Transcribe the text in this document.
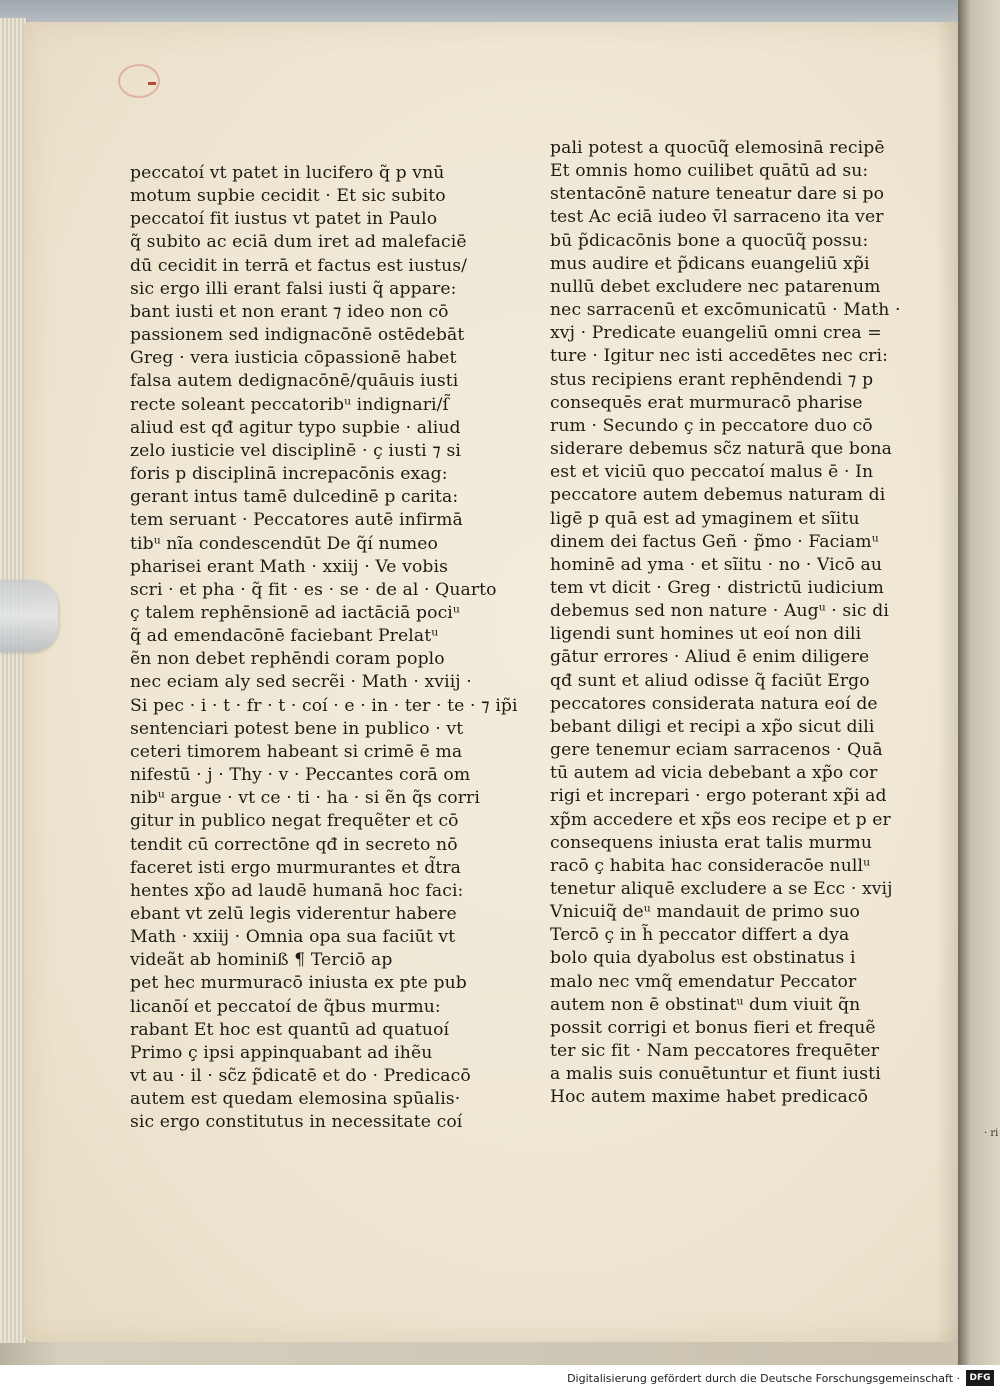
peccatoí vt patet in lucifero q̃ p vnū
motum supbie cecidit · Et sic subito
peccatoí fit iustus vt patet in Paulo
q̃ subito ac eciā dum iret ad malefaciē
dū cecidit in terrā et factus est iustus/
sic ergo illi erant falsi iusti q̃ appare:
bant iusti et non erant ⁊ ideo non cō
passionem sed indignacōnē ostēdebāt
Greg · vera iusticia cōpassionē habet
falsa autem dedignacōnē/quāuis iusti
recte soleant peccatoribᵘ indignari/ſ̃
aliud est qđ agitur typo supbie · aliud
zelo iusticie vel disciplinē · ç iusti ⁊ si
foris p disciplinā increpacōnis exag:
gerant intus tamē dulcedinē p carita:
tem seruant · Peccatores autē infirmā
tibᵘ nĩa condescendūt De q̃í numeo
pharisei erant Math · xxiij · Ve vobis
scri · et pha · q̃ fit · es · se · de al · Quarto
ç talem rephēnsionē ad iactāciā pociᵘ
q̃ ad emendacōnē faciebant Prelatᵘ
ẽn non debet rephēndi coram poplo
nec eciam aly sed secrẽi · Math · xviij ·
Si pec · i · t · fr · t · coí · e · in · ter · te · ⁊ ip̃i
sentenciari potest bene in publico · vt
ceteri timorem habeant si crimē ē ma
nifestū · j · Thy · v · Peccantes corā om
nibᵘ argue · vt ce · ti · ha · si ẽn q̃s corri
gitur in publico negat frequẽter et cō
tendit cū correctōne qđ in secreto nō
faceret isti ergo murmurantes et d̃tra
hentes xp̃o ad laudē humanā hoc faci:
ebant vt zelū legis viderentur habere
Math · xxiij · Omnia opa sua faciūt vt
videãt ab hominiß ¶ Terciō ap
pet hec murmuracō iniusta ex pte pub
licanōí et peccatoí de q̃bus murmu:
rabant Et hoc est quantū ad quatuoí
Primo ç ipsi appinquabant ad ihẽu
vt au · il · sc̃z p̃dicatē et do · Predicacō
autem est quedam elemosina spūalis·
sic ergo constitutus in necessitate coí
pali potest a quocūq̃ elemosinā recipē
Et omnis homo cuilibet quātū ad su:
stentacōnē nature teneatur dare si po
test Ac eciā iudeo v̄l sarraceno ita ver
bū p̃dicacōnis bone a quocūq̃ possu:
mus audire et p̃dicans euangeliū xp̃i
nullū debet excludere nec patarenum
nec sarracenū et excōmunicatū · Math ·
xvj · Predicate euangeliū omni crea =
ture · Igitur nec isti accedētes nec cri:
stus recipiens erant rephēndendi ⁊ p
consequēs erat murmuracō pharise
rum · Secundo ç in peccatore duo cō
siderare debemus sc̃z naturā que bona
est et viciū quo peccatoí malus ē · In
peccatore autem debemus naturam di
ligē p quā est ad ymaginem et sĩitu
dinem dei factus Geñ · p̃mo · Faciamᵘ
hominē ad yma · et sĩitu · no · Vicō au
tem vt dicit · Greg · districtū iudicium
debemus sed non nature · Augᵘ · sic di
ligendi sunt homines ut eoí non dili
gātur errores · Aliud ē enim diligere
qđ sunt et aliud odisse q̃ faciūt Ergo
peccatores considerata natura eoí de
bebant diligi et recipi a xp̃o sicut dili
gere tenemur eciam sarracenos · Quā
tū autem ad vicia debebant a xp̃o cor
rigi et increpari · ergo poterant xp̃i ad
xp̃m accedere et xp̃s eos recipe et p er
consequens iniusta erat talis murmu
racō ç habita hac consideracōe nullᵘ
tenetur aliquē excludere a se Ecc · xvij
Vnicuiq̃ deᵘ mandauit de primo suo
Tercō ç in h̃ peccator differt a dya
bolo quia dyabolus est obstinatus i
malo nec vmq̃ emendatur Peccator
autem non ē obstinatᵘ dum viuit q̃n
possit corrigi et bonus fieri et frequẽ
ter sic fit · Nam peccatores frequēter
a malis suis conuētuntur et fiunt iusti
Hoc autem maxime habet predicacō
· ri
Digitalisierung gefördert durch die Deutsche Forschungsgemeinschaft ·	DFG
